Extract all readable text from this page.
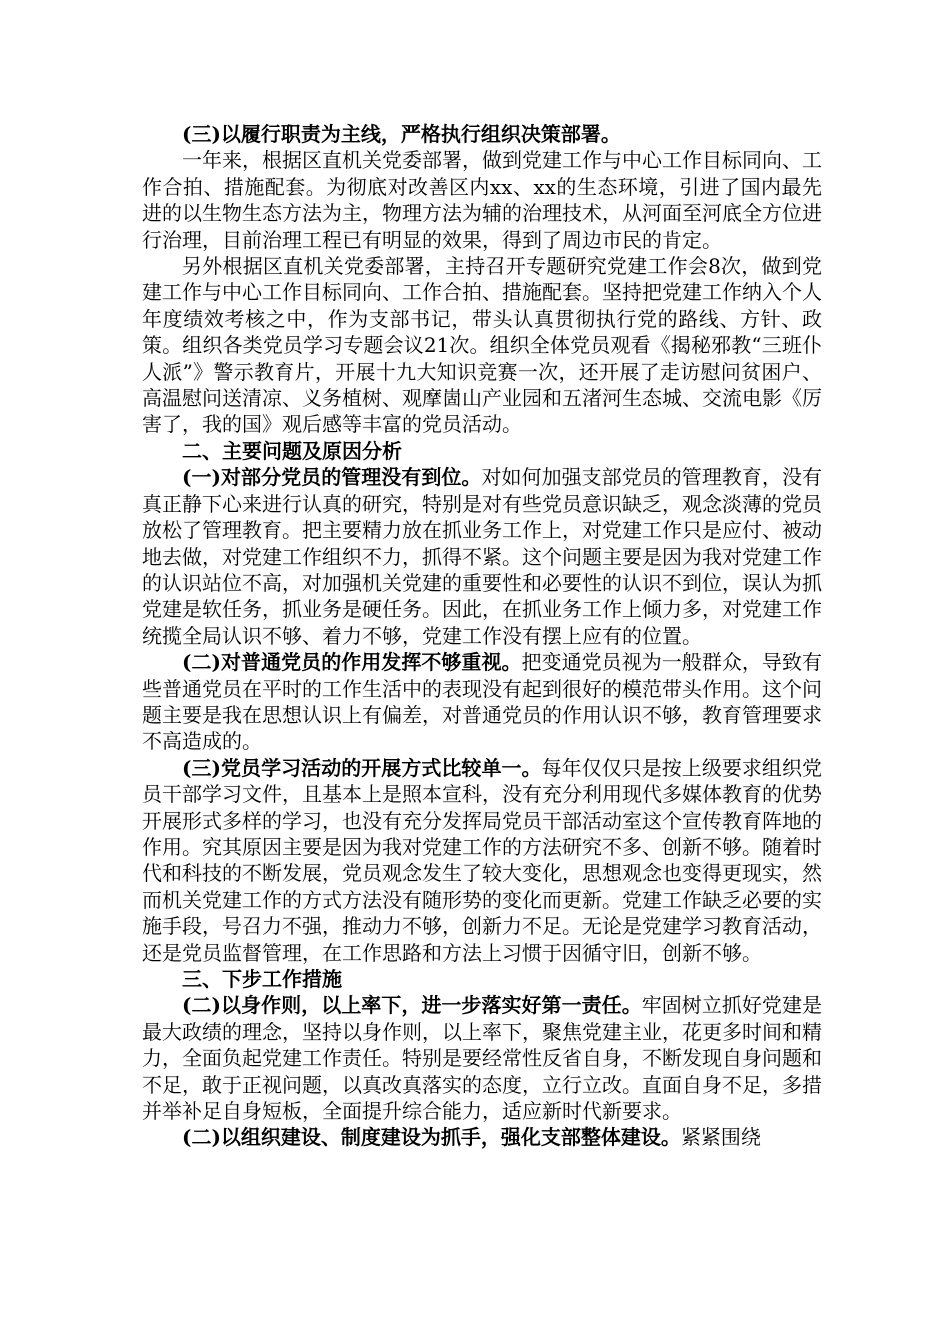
(三)以履行职责为主线，严格执行组织决策部署。

一年来，根据区直机关党委部署，做到党建工作与中心工作目标同向、工作合拍、措施配套。为彻底对改善区内xx、xx的生态环境，引进了国内最先进的以生物生态方法为主，物理方法为辅的治理技术，从河面至河底全方位进行治理，目前治理工程已有明显的效果，得到了周边市民的肯定。

另外根据区直机关党委部署，主持召开专题研究党建工作会8次，做到党建工作与中心工作目标同向、工作合拍、措施配套。坚持把党建工作纳入个人年度绩效考核之中，作为支部书记，带头认真贯彻执行党的路线、方针、政策。组织各类党员学习专题会议21次。组织全体党员观看《揭秘邪教“三班仆人派”》警示教育片，开展十九大知识竞赛一次，还开展了走访慰问贫困户、高温慰问送清凉、义务植树、观摩崮山产业园和五渚河生态城、交流电影《厉害了，我的国》观后感等丰富的党员活动。

二、主要问题及原因分析

(一)对部分党员的管理没有到位。对如何加强支部党员的管理教育，没有真正静下心来进行认真的研究，特别是对有些党员意识缺乏，观念淡薄的党员放松了管理教育。把主要精力放在抓业务工作上，对党建工作只是应付、被动地去做，对党建工作组织不力，抓得不紧。这个问题主要是因为我对党建工作的认识站位不高，对加强机关党建的重要性和必要性的认识不到位，误认为抓党建是软任务，抓业务是硬任务。因此，在抓业务工作上倾力多，对党建工作统揽全局认识不够、着力不够，党建工作没有摆上应有的位置。

(二)对普通党员的作用发挥不够重视。把变通党员视为一般群众，导致有些普通党员在平时的工作生活中的表现没有起到很好的模范带头作用。这个问题主要是我在思想认识上有偏差，对普通党员的作用认识不够，教育管理要求不高造成的。

(三)党员学习活动的开展方式比较单一。每年仅仅只是按上级要求组织党员干部学习文件，且基本上是照本宣科，没有充分利用现代多媒体教育的优势开展形式多样的学习，也没有充分发挥局党员干部活动室这个宣传教育阵地的作用。究其原因主要是因为我对党建工作的方法研究不多、创新不够。随着时代和科技的不断发展，党员观念发生了较大变化，思想观念也变得更现实，然而机关党建工作的方式方法没有随形势的变化而更新。党建工作缺乏必要的实施手段，号召力不强，推动力不够，创新力不足。无论是党建学习教育活动，还是党员监督管理，在工作思路和方法上习惯于因循守旧，创新不够。

三、下步工作措施

(二)以身作则，以上率下，进一步落实好第一责任。牢固树立抓好党建是最大政绩的理念，坚持以身作则，以上率下，聚焦党建主业，花更多时间和精力，全面负起党建工作责任。特别是要经常性反省自身，不断发现自身问题和不足，敢于正视问题，以真改真落实的态度，立行立改。直面自身不足，多措并举补足自身短板，全面提升综合能力，适应新时代新要求。

(二)以组织建设、制度建设为抓手，强化支部整体建设。紧紧围绕
